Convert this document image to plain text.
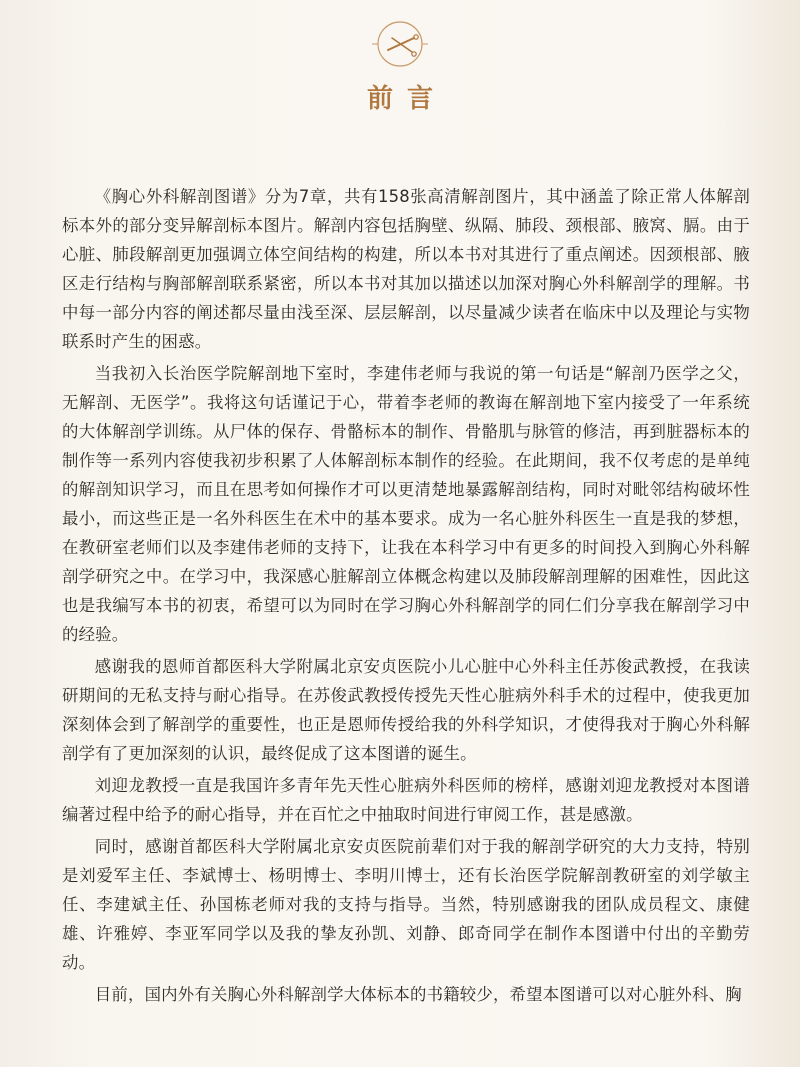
前言

《胸心外科解剖图谱》分为7章，共有158张高清解剖图片，其中涵盖了除正常人体解剖标本外的部分变异解剖标本图片。解剖内容包括胸壁、纵隔、肺段、颈根部、腋窝、膈。由于心脏、肺段解剖更加强调立体空间结构的构建，所以本书对其进行了重点阐述。因颈根部、腋区走行结构与胸部解剖联系紧密，所以本书对其加以描述以加深对胸心外科解剖学的理解。书中每一部分内容的阐述都尽量由浅至深、层层解剖，以尽量减少读者在临床中以及理论与实物联系时产生的困惑。

当我初入长治医学院解剖地下室时，李建伟老师与我说的第一句话是“解剖乃医学之父，无解剖、无医学”。我将这句话谨记于心，带着李老师的教诲在解剖地下室内接受了一年系统的大体解剖学训练。从尸体的保存、骨骼标本的制作、骨骼肌与脉管的修洁，再到脏器标本的制作等一系列内容使我初步积累了人体解剖标本制作的经验。在此期间，我不仅考虑的是单纯的解剖知识学习，而且在思考如何操作才可以更清楚地暴露解剖结构，同时对毗邻结构破坏性最小，而这些正是一名外科医生在术中的基本要求。成为一名心脏外科医生一直是我的梦想，在教研室老师们以及李建伟老师的支持下，让我在本科学习中有更多的时间投入到胸心外科解剖学研究之中。在学习中，我深感心脏解剖立体概念构建以及肺段解剖理解的困难性，因此这也是我编写本书的初衷，希望可以为同时在学习胸心外科解剖学的同仁们分享我在解剖学习中的经验。

感谢我的恩师首都医科大学附属北京安贞医院小儿心脏中心外科主任苏俊武教授，在我读研期间的无私支持与耐心指导。在苏俊武教授传授先天性心脏病外科手术的过程中，使我更加深刻体会到了解剖学的重要性，也正是恩师传授给我的外科学知识，才使得我对于胸心外科解剖学有了更加深刻的认识，最终促成了这本图谱的诞生。

刘迎龙教授一直是我国许多青年先天性心脏病外科医师的榜样，感谢刘迎龙教授对本图谱编著过程中给予的耐心指导，并在百忙之中抽取时间进行审阅工作，甚是感激。

同时，感谢首都医科大学附属北京安贞医院前辈们对于我的解剖学研究的大力支持，特别是刘爱军主任、李斌博士、杨明博士、李明川博士，还有长治医学院解剖教研室的刘学敏主任、李建斌主任、孙国栋老师对我的支持与指导。当然，特别感谢我的团队成员程文、康健雄、许雅婷、李亚军同学以及我的挚友孙凯、刘静、郎奇同学在制作本图谱中付出的辛勤劳动。

目前，国内外有关胸心外科解剖学大体标本的书籍较少，希望本图谱可以对心脏外科、胸
